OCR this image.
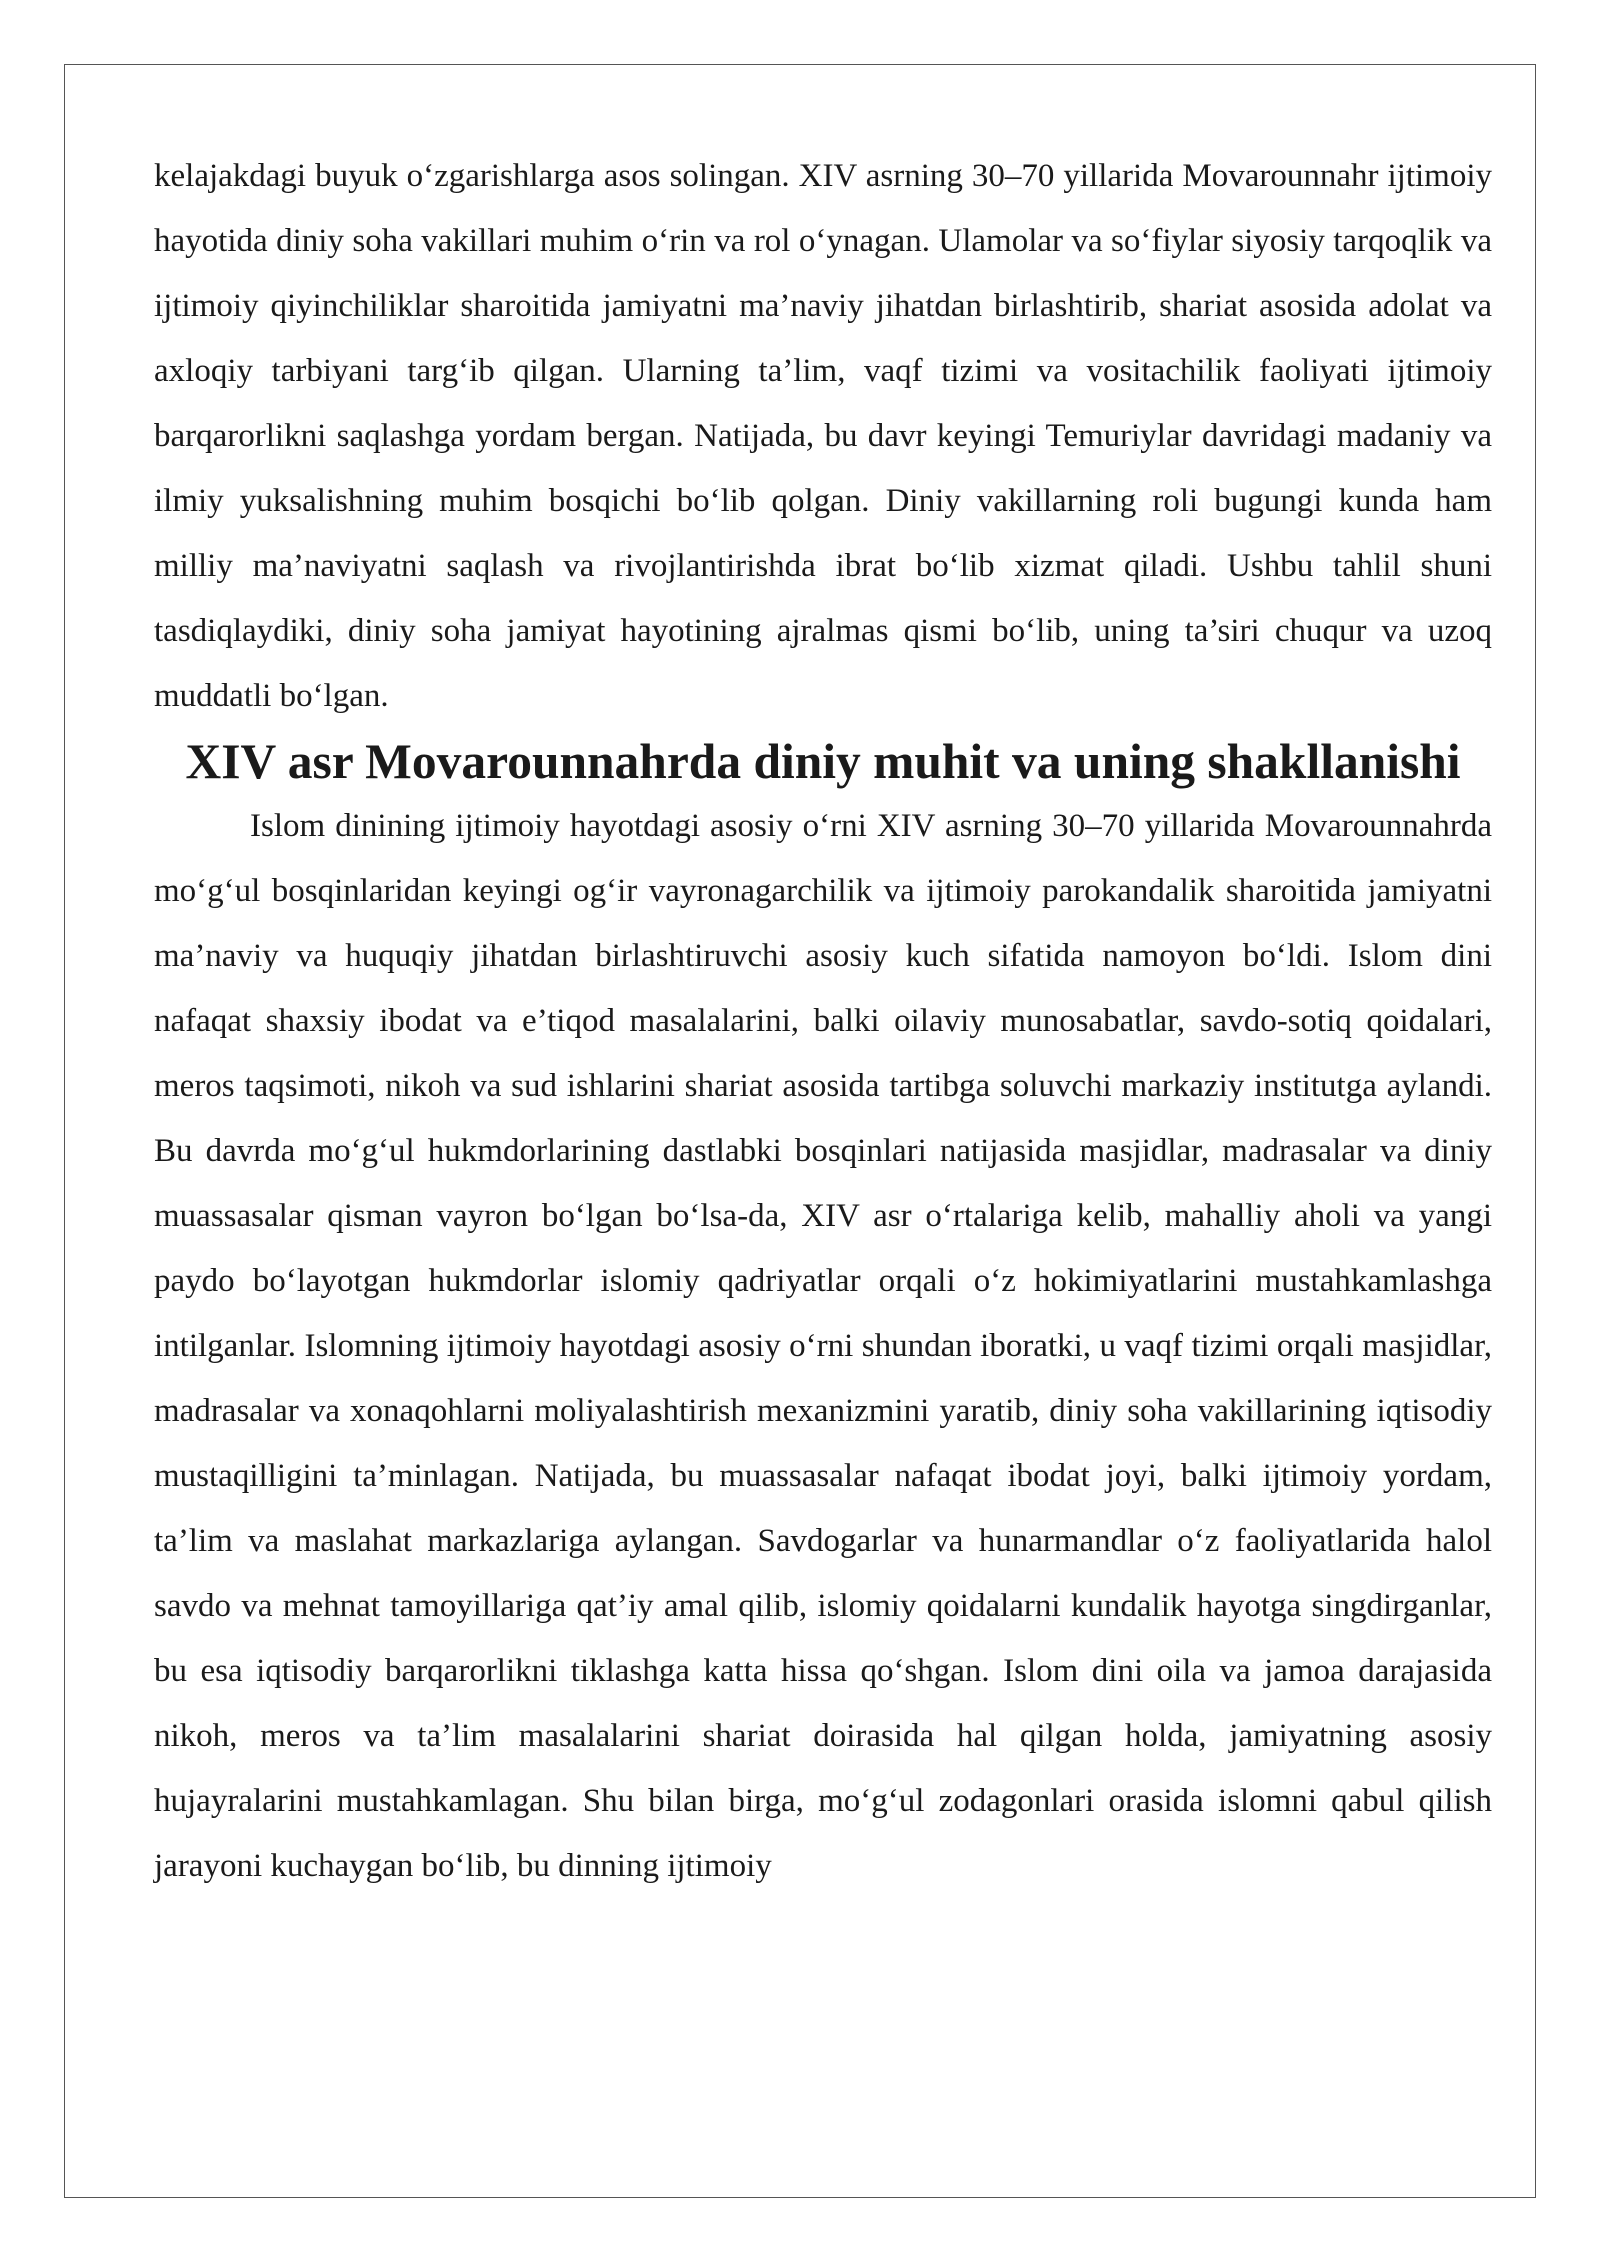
kelajakdagi buyuk o‘zgarishlarga asos solingan. XIV asrning 30–70 yillarida Movarounnahr ijtimoiy hayotida diniy soha vakillari muhim o‘rin va rol o‘ynagan. Ulamolar va so‘fiylar siyosiy tarqoqlik va ijtimoiy qiyinchiliklar sharoitida jamiyatni ma’naviy jihatdan birlashtirib, shariat asosida adolat va axloqiy tarbiyani targ‘ib qilgan. Ularning ta’lim, vaqf tizimi va vositachilik faoliyati ijtimoiy barqarorlikni saqlashga yordam bergan. Natijada, bu davr keyingi Temuriylar davridagi madaniy va ilmiy yuksalishning muhim bosqichi bo‘lib qolgan. Diniy vakillarning roli bugungi kunda ham milliy ma’naviyatni saqlash va rivojlantirishda ibrat bo‘lib xizmat qiladi. Ushbu tahlil shuni tasdiqlaydiki, diniy soha jamiyat hayotining ajralmas qismi bo‘lib, uning ta’siri chuqur va uzoq muddatli bo‘lgan.

XIV asr Movarounnahrda diniy muhit va uning shakllanishi

Islom dinining ijtimoiy hayotdagi asosiy o‘rni XIV asrning 30–70 yillarida Movarounnahrda mo‘g‘ul bosqinlaridan keyingi og‘ir vayronagarchilik va ijtimoiy parokandalik sharoitida jamiyatni ma’naviy va huquqiy jihatdan birlashtiruvchi asosiy kuch sifatida namoyon bo‘ldi. Islom dini nafaqat shaxsiy ibodat va e’tiqod masalalarini, balki oilaviy munosabatlar, savdo-sotiq qoidalari, meros taqsimoti, nikoh va sud ishlarini shariat asosida tartibga soluvchi markaziy institutga aylandi. Bu davrda mo‘g‘ul hukmdorlarining dastlabki bosqinlari natijasida masjidlar, madrasalar va diniy muassasalar qisman vayron bo‘lgan bo‘lsa-da, XIV asr o‘rtalariga kelib, mahalliy aholi va yangi paydo bo‘layotgan hukmdorlar islomiy qadriyatlar orqali o‘z hokimiyatlarini mustahkamlashga intilganlar. Islomning ijtimoiy hayotdagi asosiy o‘rni shundan iboratki, u vaqf tizimi orqali masjidlar, madrasalar va xonaqohlarni moliyalashtirish mexanizmini yaratib, diniy soha vakillarining iqtisodiy mustaqilligini ta’minlagan. Natijada, bu muassasalar nafaqat ibodat joyi, balki ijtimoiy yordam, ta’lim va maslahat markazlariga aylangan. Savdogarlar va hunarmandlar o‘z faoliyatlarida halol savdo va mehnat tamoyillariga qat’iy amal qilib, islomiy qoidalarni kundalik hayotga singdirganlar, bu esa iqtisodiy barqarorlikni tiklashga katta hissa qo‘shgan. Islom dini oila va jamoa darajasida nikoh, meros va ta’lim masalalarini shariat doirasida hal qilgan holda, jamiyatning asosiy hujayralarini mustahkamlagan. Shu bilan birga, mo‘g‘ul zodagonlari orasida islomni qabul qilish jarayoni kuchaygan bo‘lib, bu dinning ijtimoiy
